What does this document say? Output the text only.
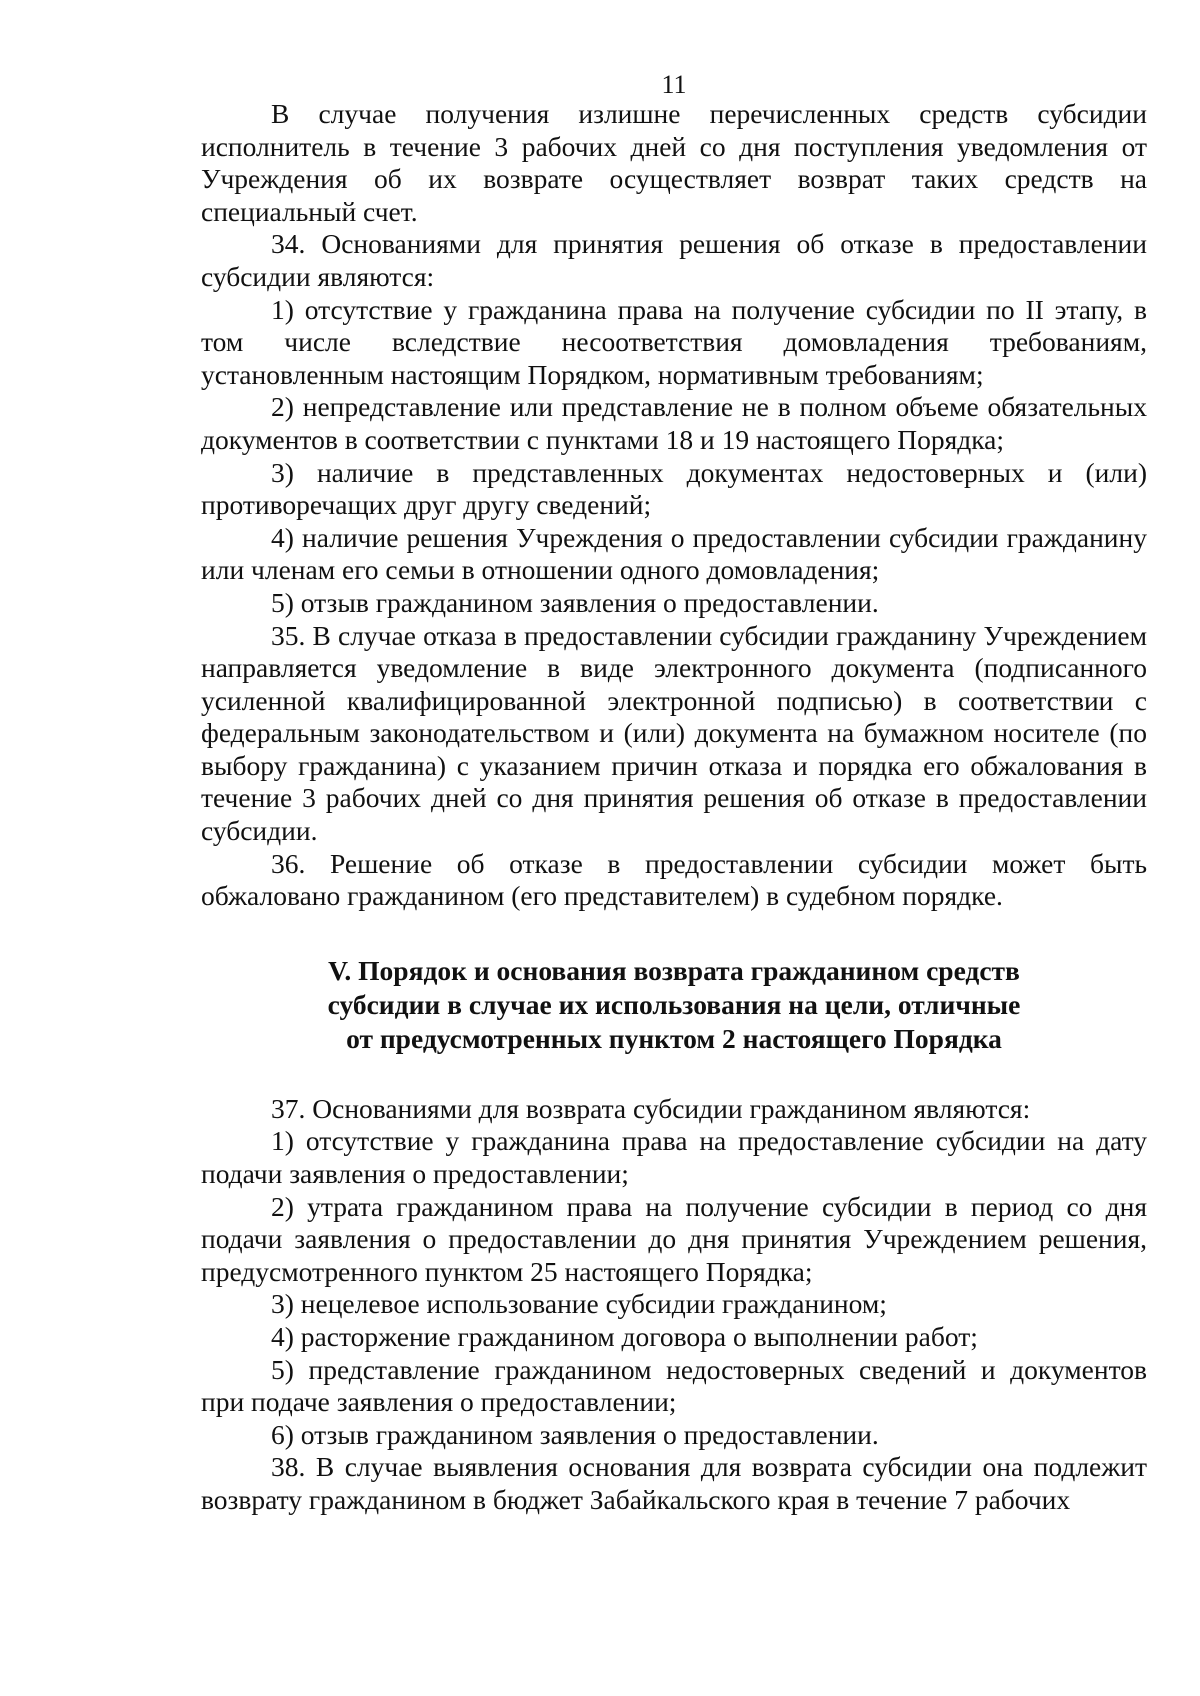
11

В случае получения излишне перечисленных средств субсидии исполнитель в течение 3 рабочих дней со дня поступления уведомления от Учреждения об их возврате осуществляет возврат таких средств на специальный счет.

34. Основаниями для принятия решения об отказе в предоставлении субсидии являются:

1) отсутствие у гражданина права на получение субсидии по II этапу, в том числе вследствие несоответствия домовладения требованиям, установленным настоящим Порядком, нормативным требованиям;

2) непредставление или представление не в полном объеме обязательных документов в соответствии с пунктами 18 и 19 настоящего Порядка;

3) наличие в представленных документах недостоверных и (или) противоречащих друг другу сведений;

4) наличие решения Учреждения о предоставлении субсидии гражданину или членам его семьи в отношении одного домовладения;

5) отзыв гражданином заявления о предоставлении.

35. В случае отказа в предоставлении субсидии гражданину Учреждением направляется уведомление в виде электронного документа (подписанного усиленной квалифицированной электронной подписью) в соответствии с федеральным законодательством и (или) документа на бумажном носителе (по выбору гражданина) с указанием причин отказа и порядка его обжалования в течение 3 рабочих дней со дня принятия решения об отказе в предоставлении субсидии.

36. Решение об отказе в предоставлении субсидии может быть обжаловано гражданином (его представителем) в судебном порядке.

V. Порядок и основания возврата гражданином средств
субсидии в случае их использования на цели, отличные
от предусмотренных пунктом 2 настоящего Порядка

37. Основаниями для возврата субсидии гражданином являются:

1) отсутствие у гражданина права на предоставление субсидии на дату подачи заявления о предоставлении;

2) утрата гражданином права на получение субсидии в период со дня подачи заявления о предоставлении до дня принятия Учреждением решения, предусмотренного пунктом 25 настоящего Порядка;

3) нецелевое использование субсидии гражданином;

4) расторжение гражданином договора о выполнении работ;

5) представление гражданином недостоверных сведений и документов при подаче заявления о предоставлении;

6) отзыв гражданином заявления о предоставлении.

38. В случае выявления основания для возврата субсидии она подлежит возврату гражданином в бюджет Забайкальского края в течение 7 рабочих
